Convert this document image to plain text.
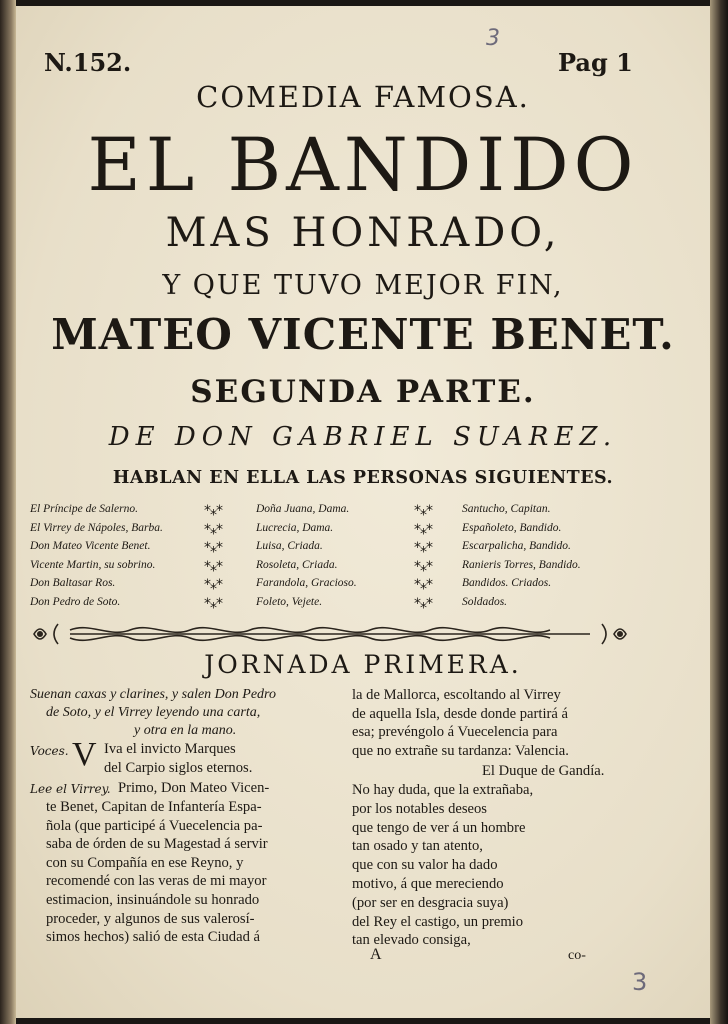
N.152.
3
Pag 1
COMEDIA FAMOSA.
EL BANDIDO
MAS HONRADO,
Y QUE TUVO MEJOR FIN,
MATEO VICENTE BENET.
SEGUNDA PARTE.
DE DON GABRIEL SUAREZ.
HABLAN EN ELLA LAS PERSONAS SIGUIENTES.
El Príncipe de Salerno.
El Virrey de Nápoles, Barba.
Don Mateo Vicente Benet.
Vicente Martin, su sobrino.
Don Baltasar Ros.
Don Pedro de Soto.
*⁎*
*⁎*
*⁎*
*⁎*
*⁎*
*⁎*
Doña Juana, Dama.
Lucrecia, Dama.
Luisa, Criada.
Rosoleta, Criada.
Farandola, Gracioso.
Foleto, Vejete.
*⁎*
*⁎*
*⁎*
*⁎*
*⁎*
*⁎*
Santucho, Capitan.
Españoleto, Bandido.
Escarpalicha, Bandido.
Ranieris Torres, Bandido.
Bandidos. Criados.
Soldados.
JORNADA PRIMERA.
Suenan caxas y clarines, y salen Don Pedro
de Soto, y el Virrey leyendo una carta,
y otra en la mano.
Voces. V Iva el invicto Marques
del Carpio siglos eternos.
Lee el Virrey. Primo, Don Mateo Vicen-
te Benet, Capitan de Infantería Espa-
ñola (que participé á Vuecelencia pa-
saba de órden de su Magestad á servir
con su Compañía en ese Reyno, y
recomendé con las veras de mi mayor
estimacion, insinuándole su honrado
proceder, y algunos de sus valerosí-
simos hechos) salió de esta Ciudad á
la de Mallorca, escoltando al Virrey
de aquella Isla, desde donde partirá á
esa; prevéngolo á Vuecelencia para
que no extrañe su tardanza: Valencia.
El Duque de Gandía.
No hay duda, que la extrañaba,
por los notables deseos
que tengo de ver á un hombre
tan osado y tan atento,
que con su valor ha dado
motivo, á que mereciendo
(por ser en desgracia suya)
del Rey el castigo, un premio
tan elevado consiga,
A	co-
3
